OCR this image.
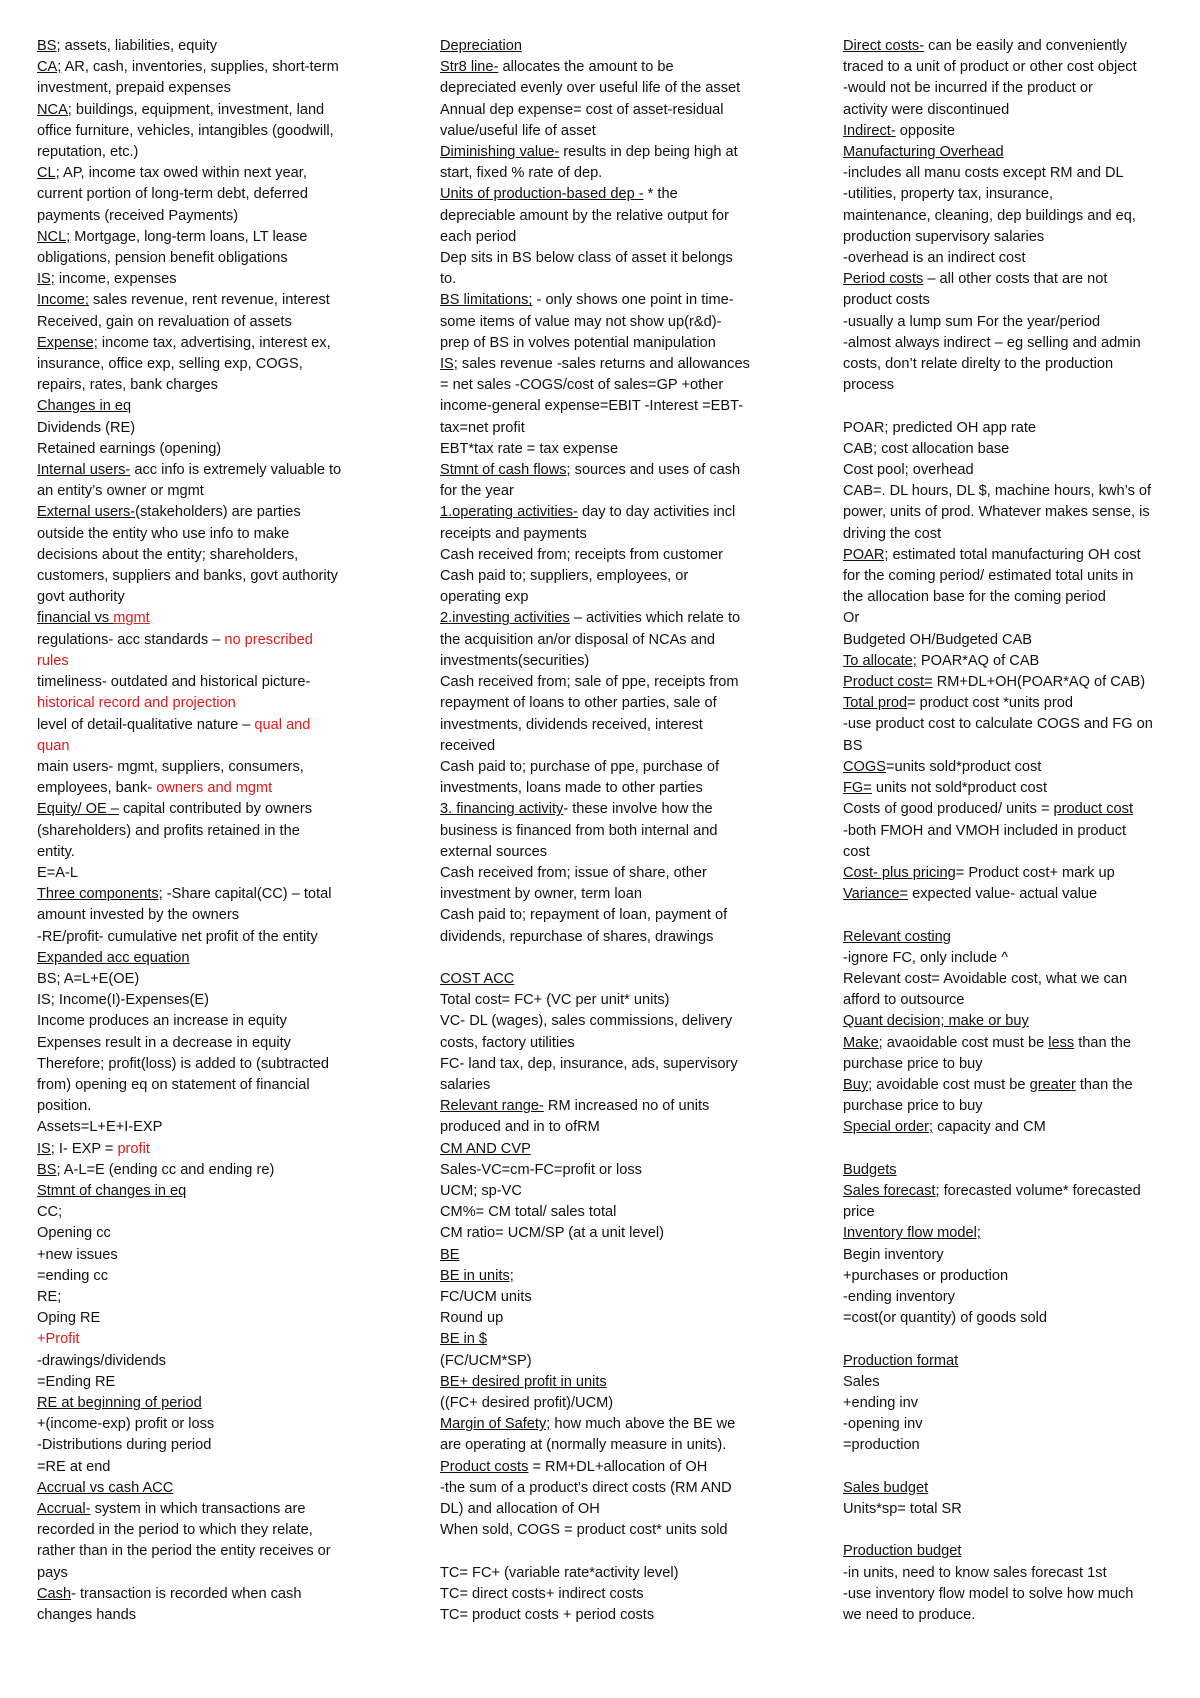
BS; assets, liabilities, equity
CA; AR, cash, inventories, supplies, short-term
investment, prepaid expenses
NCA; buildings, equipment, investment, land
office furniture, vehicles, intangibles (goodwill,
reputation, etc.)
CL; AP, income tax owed within next year,
current portion of long-term debt, deferred
payments (received Payments)
NCL; Mortgage, long-term loans, LT lease
obligations, pension benefit obligations
IS; income, expenses
Income; sales revenue, rent revenue, interest
Received, gain on revaluation of assets
Expense; income tax, advertising, interest ex,
insurance, office exp, selling exp, COGS,
repairs, rates, bank charges
Changes in eq
Dividends (RE)
Retained earnings (opening)
Internal users- acc info is extremely valuable to
an entity’s owner or mgmt
External users-(stakeholders) are parties
outside the entity who use info to make
decisions about the entity; shareholders,
customers, suppliers and banks, govt authority
govt authority
financial vs mgmt
regulations- acc standards – no prescribed
rules
timeliness- outdated and historical picture-
historical record and projection
level of detail-qualitative nature – qual and
quan
main users- mgmt, suppliers, consumers,
employees, bank- owners and mgmt
Equity/ OE – capital contributed by owners
(shareholders) and profits retained in the
entity.
E=A-L
Three components; -Share capital(CC) – total
amount invested by the owners
-RE/profit- cumulative net profit of the entity
Expanded acc equation
BS; A=L+E(OE)
IS; Income(I)-Expenses(E)
Income produces an increase in equity
Expenses result in a decrease in equity
Therefore; profit(loss) is added to (subtracted
from) opening eq on statement of financial
position.
Assets=L+E+I-EXP
IS; I- EXP = profit
BS; A-L=E (ending cc and ending re)
Stmnt of changes in eq
CC;
Opening cc
+new issues
=ending cc
RE;
Oping RE
+Profit
-drawings/dividends
=Ending RE
RE at beginning of period
+(income-exp) profit or loss
-Distributions during period
=RE at end
Accrual vs cash ACC
Accrual- system in which transactions are
recorded in the period to which they relate,
rather than in the period the entity receives or
pays
Cash- transaction is recorded when cash
changes hands
Depreciation
Str8 line- allocates the amount to be
depreciated evenly over useful life of the asset
Annual dep expense= cost of asset-residual
value/useful life of asset
Diminishing value- results in dep being high at
start, fixed % rate of dep.
Units of production-based dep - * the
depreciable amount by the relative output for
each period
Dep sits in BS below class of asset it belongs
to.
BS limitations; - only shows one point in time-
some items of value may not show up(r&d)-
prep of BS in volves potential manipulation
IS; sales revenue -sales returns and allowances
= net sales -COGS/cost of sales=GP +other
income-general expense=EBIT -Interest =EBT-
tax=net profit
EBT*tax rate = tax expense
Stmnt of cash flows; sources and uses of cash
for the year
1.operating activities- day to day activities incl
receipts and payments
Cash received from; receipts from customer
Cash paid to; suppliers, employees, or
operating exp
2.investing activities – activities which relate to
the acquisition an/or disposal of NCAs and
investments(securities)
Cash received from; sale of ppe, receipts from
repayment of loans to other parties, sale of
investments, dividends received, interest
received
Cash paid to; purchase of ppe, purchase of
investments, loans made to other parties
3. financing activity- these involve how the
business is financed from both internal and
external sources
Cash received from; issue of share, other
investment by owner, term loan
Cash paid to; repayment of loan, payment of
dividends, repurchase of shares, drawings
COST ACC
Total cost= FC+ (VC per unit* units)
VC- DL (wages), sales commissions, delivery
costs, factory utilities
FC- land tax, dep, insurance, ads, supervisory
salaries
Relevant range- RM increased no of units
produced and in to ofRM
CM AND CVP
Sales-VC=cm-FC=profit or loss
UCM; sp-VC
CM%= CM total/ sales total
CM ratio= UCM/SP (at a unit level)
BE
BE in units;
FC/UCM units
Round up
BE in $
(FC/UCM*SP)
BE+ desired profit in units
((FC+ desired profit)/UCM)
Margin of Safety; how much above the BE we
are operating at (normally measure in units).
Product costs = RM+DL+allocation of OH
-the sum of a product’s direct costs (RM AND
DL) and allocation of OH
When sold, COGS = product cost* units sold
TC= FC+ (variable rate*activity level)
TC= direct costs+ indirect costs
TC= product costs + period costs
Direct costs- can be easily and conveniently
traced to a unit of product or other cost object
-would not be incurred if the product or
activity were discontinued
Indirect- opposite
Manufacturing Overhead
-includes all manu costs except RM and DL
-utilities, property tax, insurance,
maintenance, cleaning, dep buildings and eq,
production supervisory salaries
-overhead is an indirect cost
Period costs – all other costs that are not
product costs
-usually a lump sum For the year/period
-almost always indirect – eg selling and admin
costs, don’t relate direlty to the production
process
POAR; predicted OH app rate
CAB; cost allocation base
Cost pool; overhead
CAB=. DL hours, DL $, machine hours, kwh’s of
power, units of prod. Whatever makes sense, is
driving the cost
POAR; estimated total manufacturing OH cost
for the coming period/ estimated total units in
the allocation base for the coming period
Or
Budgeted OH/Budgeted CAB
To allocate; POAR*AQ of CAB
Product cost= RM+DL+OH(POAR*AQ of CAB)
Total prod= product cost *units prod
-use product cost to calculate COGS and FG on
BS
COGS=units sold*product cost
FG= units not sold*product cost
Costs of good produced/ units = product cost
-both FMOH and VMOH included in product
cost
Cost- plus pricing= Product cost+ mark up
Variance= expected value- actual value
Relevant costing
-ignore FC, only include ^
Relevant cost= Avoidable cost, what we can
afford to outsource
Quant decision; make or buy
Make; avaoidable cost must be less than the
purchase price to buy
Buy; avoidable cost must be greater than the
purchase price to buy
Special order; capacity and CM
Budgets
Sales forecast; forecasted volume* forecasted
price
Inventory flow model;
Begin inventory
+purchases or production
-ending inventory
=cost(or quantity) of goods sold
Production format
Sales
+ending inv
-opening inv
=production
Sales budget
Units*sp= total SR
Production budget
-in units, need to know sales forecast 1st
-use inventory flow model to solve how much
we need to produce.
